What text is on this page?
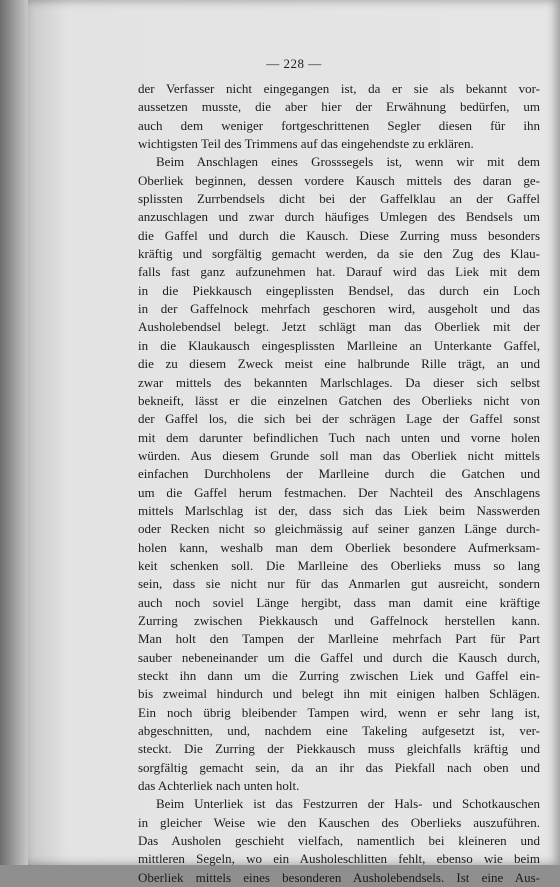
— 228 —
der Verfasser nicht eingegangen ist, da er sie als bekannt vor-
aussetzen musste, die aber hier der Erwähnung bedürfen, um
auch dem weniger fortgeschrittenen Segler diesen für ihn
wichtigsten Teil des Trimmens auf das eingehendste zu erklären.
Beim Anschlagen eines Grosssegels ist, wenn wir mit dem
Oberliek beginnen, dessen vordere Kausch mittels des daran ge-
splissten Zurrbendsels dicht bei der Gaffelklau an der Gaffel
anzuschlagen und zwar durch häufiges Umlegen des Bendsels um
die Gaffel und durch die Kausch. Diese Zurring muss besonders
kräftig und sorgfältig gemacht werden, da sie den Zug des Klau-
falls fast ganz aufzunehmen hat. Darauf wird das Liek mit dem
in die Piekkausch eingeplissten Bendsel, das durch ein Loch
in der Gaffelnock mehrfach geschoren wird, ausgeholt und das
Ausholebendsel belegt. Jetzt schlägt man das Oberliek mit der
in die Klaukausch eingesplissten Marlleine an Unterkante Gaffel,
die zu diesem Zweck meist eine halbrunde Rille trägt, an und
zwar mittels des bekannten Marlschlages. Da dieser sich selbst
bekneift, lässt er die einzelnen Gatchen des Oberlieks nicht von
der Gaffel los, die sich bei der schrägen Lage der Gaffel sonst
mit dem darunter befindlichen Tuch nach unten und vorne holen
würden. Aus diesem Grunde soll man das Oberliek nicht mittels
einfachen Durchholens der Marlleine durch die Gatchen und
um die Gaffel herum festmachen. Der Nachteil des Anschlagens
mittels Marlschlag ist der, dass sich das Liek beim Nasswerden
oder Recken nicht so gleichmässig auf seiner ganzen Länge durch-
holen kann, weshalb man dem Oberliek besondere Aufmerksam-
keit schenken soll. Die Marlleine des Oberlieks muss so lang
sein, dass sie nicht nur für das Anmarlen gut ausreicht, sondern
auch noch soviel Länge hergibt, dass man damit eine kräftige
Zurring zwischen Piekkausch und Gaffelnock herstellen kann.
Man holt den Tampen der Marlleine mehrfach Part für Part
sauber nebeneinander um die Gaffel und durch die Kausch durch,
steckt ihn dann um die Zurring zwischen Liek und Gaffel ein-
bis zweimal hindurch und belegt ihn mit einigen halben Schlägen.
Ein noch übrig bleibender Tampen wird, wenn er sehr lang ist,
abgeschnitten, und, nachdem eine Takeling aufgesetzt ist, ver-
steckt. Die Zurring der Piekkausch muss gleichfalls kräftig und
sorgfältig gemacht sein, da an ihr das Piekfall nach oben und
das Achterliek nach unten holt.
Beim Unterliek ist das Festzurren der Hals- und Schotkauschen
in gleicher Weise wie den Kauschen des Oberlieks auszuführen.
Das Ausholen geschieht vielfach, namentlich bei kleineren und
mittleren Segeln, wo ein Ausholeschlitten fehlt, ebenso wie beim
Oberliek mittels eines besonderen Ausholebendsels. Ist eine Aus-
